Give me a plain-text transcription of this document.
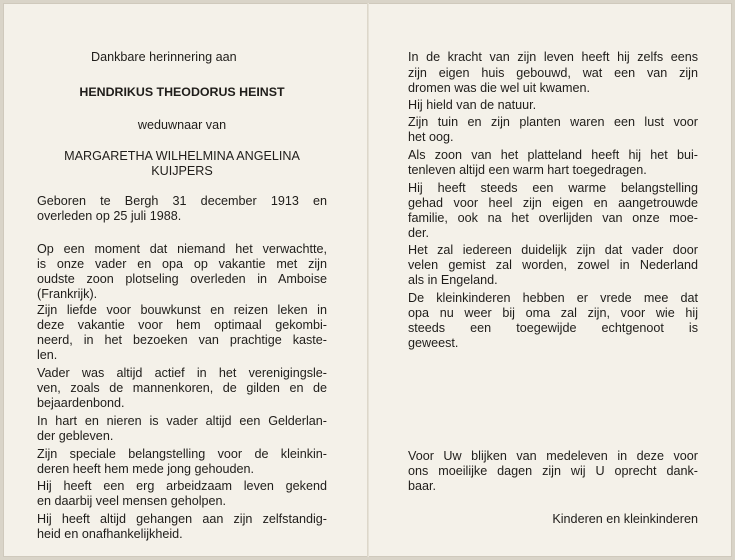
Dankbare herinnering aan
HENDRIKUS THEODORUS HEINST
weduwnaar van
MARGARETHA WILHELMINA ANGELINA
KUIJPERS
Geboren te Bergh 31 december 1913 en
overleden op 25 juli 1988.
Op een moment dat niemand het verwachtte,
is onze vader en opa op vakantie met zijn
oudste zoon plotseling overleden in Amboise
(Frankrijk).
Zijn liefde voor bouwkunst en reizen leken in
deze vakantie voor hem optimaal gekombi-
neerd, in het bezoeken van prachtige kaste-
len.
Vader was altijd actief in het verenigingsle-
ven, zoals de mannenkoren, de gilden en de
bejaardenbond.
In hart en nieren is vader altijd een Gelderlan-
der gebleven.
Zijn speciale belangstelling voor de kleinkin-
deren heeft hem mede jong gehouden.
Hij heeft een erg arbeidzaam leven gekend
en daarbij veel mensen geholpen.
Hij heeft altijd gehangen aan zijn zelfstandig-
heid en onafhankelijkheid.
In de kracht van zijn leven heeft hij zelfs eens
zijn eigen huis gebouwd, wat een van zijn
dromen was die wel uit kwamen.
Hij hield van de natuur.
Zijn tuin en zijn planten waren een lust voor
het oog.
Als zoon van het platteland heeft hij het bui-
tenleven altijd een warm hart toegedragen.
Hij heeft steeds een warme belangstelling
gehad voor heel zijn eigen en aangetrouwde
familie, ook na het overlijden van onze moe-
der.
Het zal iedereen duidelijk zijn dat vader door
velen gemist zal worden, zowel in Nederland
als in Engeland.
De kleinkinderen hebben er vrede mee dat
opa nu weer bij oma zal zijn, voor wie hij
steeds een toegewijde echtgenoot is
geweest.
Voor Uw blijken van medeleven in deze voor
ons moeilijke dagen zijn wij U oprecht dank-
baar.
Kinderen en kleinkinderen
